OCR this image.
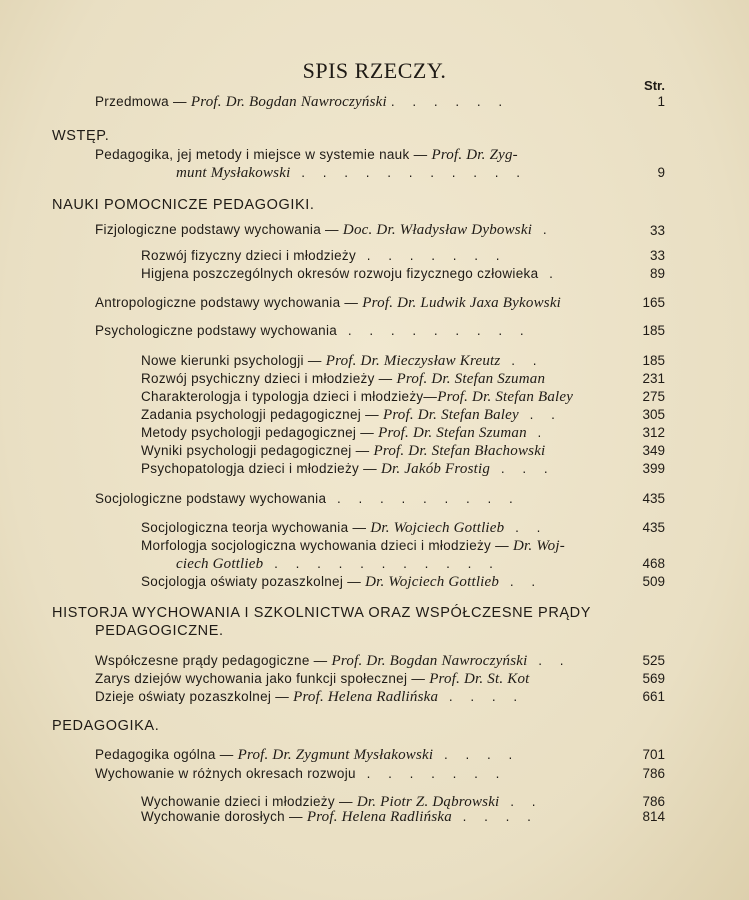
SPIS RZECZY.
Str.
Przedmowa — Prof. Dr. Bogdan Nawroczyński . . . . . .	1
WSTĘP.
Pedagogika, jej metody i miejsce w systemie nauk — Prof. Dr. Zyg-
munt Mysłakowski . . . . . . . . . . .	9
NAUKI POMOCNICZE PEDAGOGIKI.
Fizjologiczne podstawy wychowania — Doc. Dr. Władysław Dybowski .	33
Rozwój fizyczny dzieci i młodzieży . . . . . . .	33
Higjena poszczególnych okresów rozwoju fizycznego człowieka .	89
Antropologiczne podstawy wychowania — Prof. Dr. Ludwik Jaxa Bykowski	165
Psychologiczne podstawy wychowania . . . . . . . . .	185
Nowe kierunki psychologji — Prof. Dr. Mieczysław Kreutz . .	185
Rozwój psychiczny dzieci i młodzieży — Prof. Dr. Stefan Szuman	231
Charakterologja i typologja dzieci i młodzieży—Prof. Dr. Stefan Baley	275
Zadania psychologji pedagogicznej — Prof. Dr. Stefan Baley . .	305
Metody psychologji pedagogicznej — Prof. Dr. Stefan Szuman .	312
Wyniki psychologji pedagogicznej — Prof. Dr. Stefan Błachowski	349
Psychopatologja dzieci i młodzieży — Dr. Jakób Frostig . . .	399
Socjologiczne podstawy wychowania . . . . . . . . .	435
Socjologiczna teorja wychowania — Dr. Wojciech Gottlieb . .	435
Morfologja socjologiczna wychowania dzieci i młodzieży — Dr. Woj-
ciech Gottlieb . . . . . . . . . . .	468
Socjologja oświaty pozaszkolnej — Dr. Wojciech Gottlieb . .	509
HISTORJA WYCHOWANIA I SZKOLNICTWA ORAZ WSPÓŁCZESNE PRĄDY
PEDAGOGICZNE.
Współczesne prądy pedagogiczne — Prof. Dr. Bogdan Nawroczyński . .	525
Zarys dziejów wychowania jako funkcji społecznej — Prof. Dr. St. Kot	569
Dzieje oświaty pozaszkolnej — Prof. Helena Radlińska . . . .	661
PEDAGOGIKA.
Pedagogika ogólna — Prof. Dr. Zygmunt Mysłakowski . . . .	701
Wychowanie w różnych okresach rozwoju . . . . . . .	786
Wychowanie dzieci i młodzieży — Dr. Piotr Z. Dąbrowski . .	786
Wychowanie dorosłych — Prof. Helena Radlińska . . . .	814
